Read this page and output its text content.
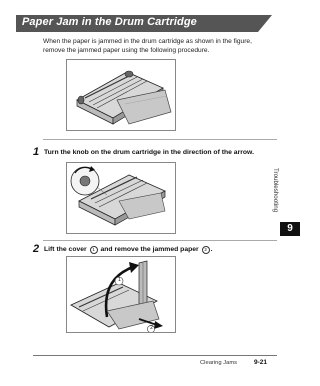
Paper Jam in the Drum Cartridge
When the paper is jammed in the drum cartridge as shown in the figure, remove the jammed paper using the following procedure.
1 Turn the knob on the drum cartridge in the direction of the arrow.
2 Lift the cover 1 and remove the jammed paper 2 .
1
2
Troubleshooting
9
Clearing Jams	9-21
